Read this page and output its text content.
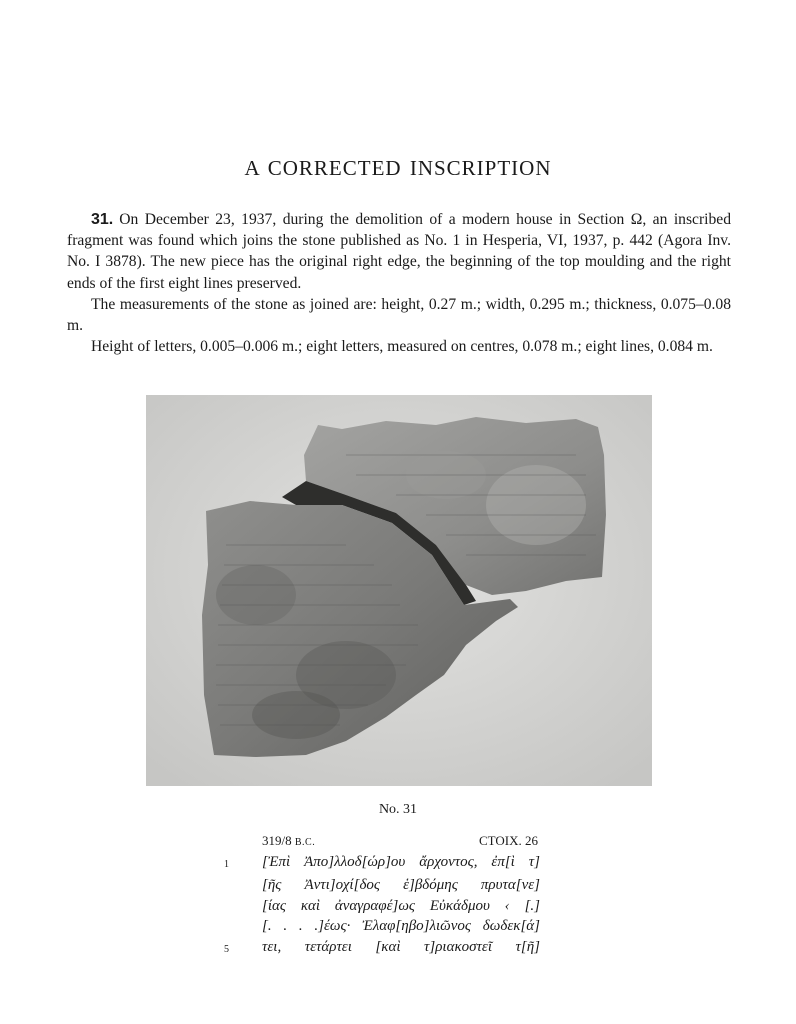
A CORRECTED INSCRIPTION

31. On December 23, 1937, during the demolition of a modern house in Section Ω, an inscribed fragment was found which joins the stone published as No. 1 in Hesperia, VI, 1937, p. 442 (Agora Inv. No. I 3878). The new piece has the original right edge, the beginning of the top moulding and the right ends of the first eight lines preserved.

The measurements of the stone as joined are: height, 0.27 m.; width, 0.295 m.; thickness, 0.075–0.08 m.

Height of letters, 0.005–0.006 m.; eight letters, measured on centres, 0.078 m.; eight lines, 0.084 m.

No. 31
319/8 B.C.	CTOIX. 26
1	[Ἐπὶ Ἀπο]λλοδ[ώρ]ου ἄρχοντος, ἐπ[ὶ τ]
[ῆς Ἀντι]οχί[δος ἑ]βδόμης πρυτα[νε]
[ίας καὶ ἀναγραφέ]ως Εὐκάδμου ‹ [.]
[. . . .]έως· Ἐλαφ[ηβο]λιῶνος δωδεκ[ά]
5	τει, τετάρτει [καὶ τ]ριακοστεῖ τ[ῆ]
